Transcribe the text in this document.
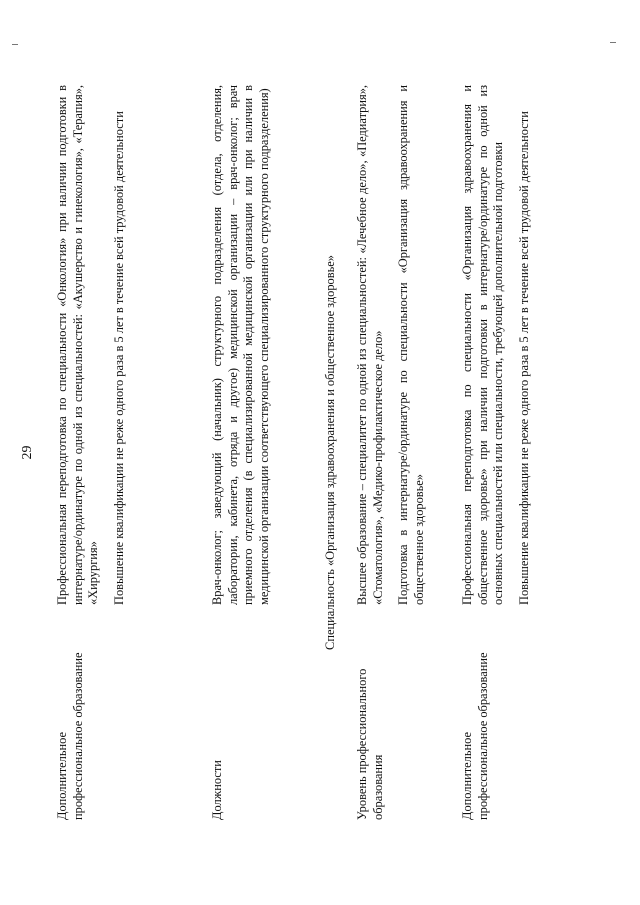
29
Дополнительное профессиональное образование

Профессиональная переподготовка по специальности «Онкология» при наличии подготовки в интернатуре/ординатуре по одной из специальностей: «Акушерство и гинекология», «Терапия», «Хирургия» Повышение квалификации не реже одного раза в 5 лет в течение всей трудовой деятельности

Должности

Врач-онколог; заведующий (начальник) структурного подразделения (отдела, отделения, лаборатории, кабинета, отряда и другое) медицинской организации – врач-онколог; врач приемного отделения (в специализированной медицинской организации или при наличии в медицинской организации соответствующего специализированного структурного подразделения)	Специальность «Организация здравоохранения и общественное здоровье»
Уровень профессионального образования

Высшее образование – специалитет по одной из специальностей: «Лечебное дело», «Педиатрия», «Стоматология», «Медико-профилактическое дело» Подготовка в интернатуре/ординатуре по специальности «Организация здравоохранения и общественное здоровье»

Дополнительное профессиональное образование

Профессиональная переподготовка по специальности «Организация здравоохранения и общественное здоровье» при наличии подготовки в интернатуре/ординатуре по одной из основных специальностей или специальности, требующей дополнительной подготовки Повышение квалификации не реже одного раза в 5 лет в течение всей трудовой деятельности
